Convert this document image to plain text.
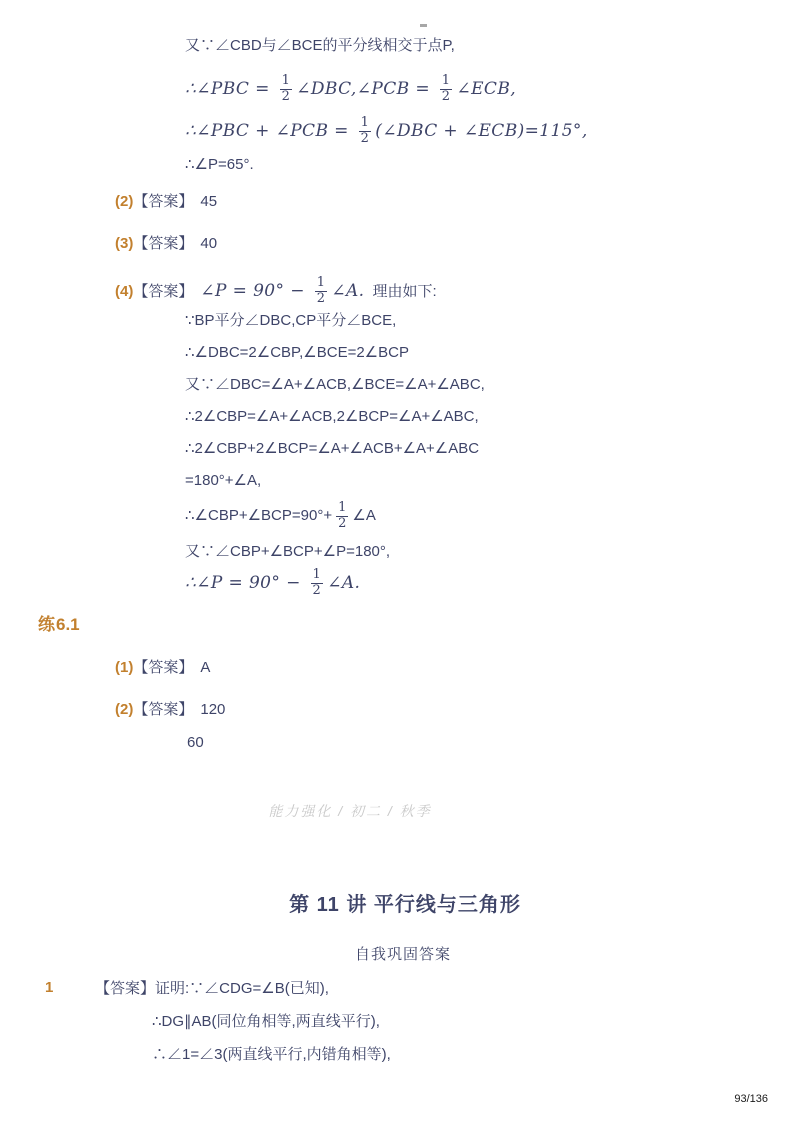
又∵∠CBD与∠BCE的平分线相交于点P,
∴∠PBC = $\frac{1}{2}$ ∠DBC,∠PCB = $\frac{1}{2}$ ∠ECB,
∴∠PBC + ∠PCB = $\frac{1}{2}$ (∠DBC + ∠ECB)=115°,
∴∠P=65°.
(2)【答案】 45
(3)【答案】 40
(4)【答案】 ∠P = $90^\circ - \frac{1}{2}$ ∠A. 理由如下:
∵BP平分∠DBC,CP平分∠BCE,
∴∠DBC=2∠CBP,∠BCE=2∠BCP
又∵∠DBC=∠A+∠ACB,∠BCE=∠A+∠ABC,
∴2∠CBP=∠A+∠ACB,2∠BCP=∠A+∠ABC,
∴2∠CBP+2∠BCP=∠A+∠ACB+∠A+∠ABC
=180°+∠A,
∴∠CBP+∠BCP=90°+ $\frac{1}{2}$ ∠A
又∵∠CBP+∠BCP+∠P=180°,
∴∠P = $90^\circ - \frac{1}{2}$ ∠A.
练6.1
(1)【答案】 A
(2)【答案】 120
60
能力强化 / 初二 / 秋季
第 11 讲 平行线与三角形
自我巩固答案
1	【答案】证明:∵∠CDG=∠B(已知),
∴DG∥AB(同位角相等,两直线平行),
∴∠1=∠3(两直线平行,内错角相等),
93/136
